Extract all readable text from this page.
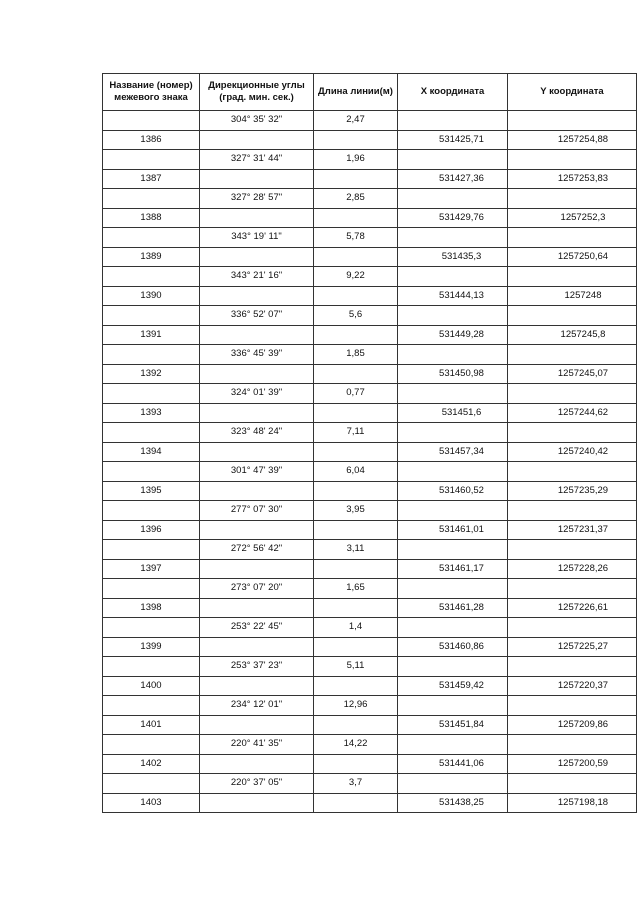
Название (номер) межевого знака	Дирекционные углы (град. мин. сек.)	Длина линии(м)	X координата	Y координата
	304° 35' 32"	2,47		
1386			531425,71	1257254,88
	327° 31' 44"	1,96		
1387			531427,36	1257253,83
	327° 28' 57"	2,85		
1388			531429,76	1257252,3
	343° 19' 11"	5,78		
1389			531435,3	1257250,64
	343° 21' 16"	9,22		
1390			531444,13	1257248
	336° 52' 07"	5,6		
1391			531449,28	1257245,8
	336° 45' 39"	1,85		
1392			531450,98	1257245,07
	324° 01' 39"	0,77		
1393			531451,6	1257244,62
	323° 48' 24"	7,11		
1394			531457,34	1257240,42
	301° 47' 39"	6,04		
1395			531460,52	1257235,29
	277° 07' 30"	3,95		
1396			531461,01	1257231,37
	272° 56' 42"	3,11		
1397			531461,17	1257228,26
	273° 07' 20"	1,65		
1398			531461,28	1257226,61
	253° 22' 45"	1,4		
1399			531460,86	1257225,27
	253° 37' 23"	5,11		
1400			531459,42	1257220,37
	234° 12' 01"	12,96		
1401			531451,84	1257209,86
	220° 41' 35"	14,22		
1402			531441,06	1257200,59
	220° 37' 05"	3,7		
1403			531438,25	1257198,18
